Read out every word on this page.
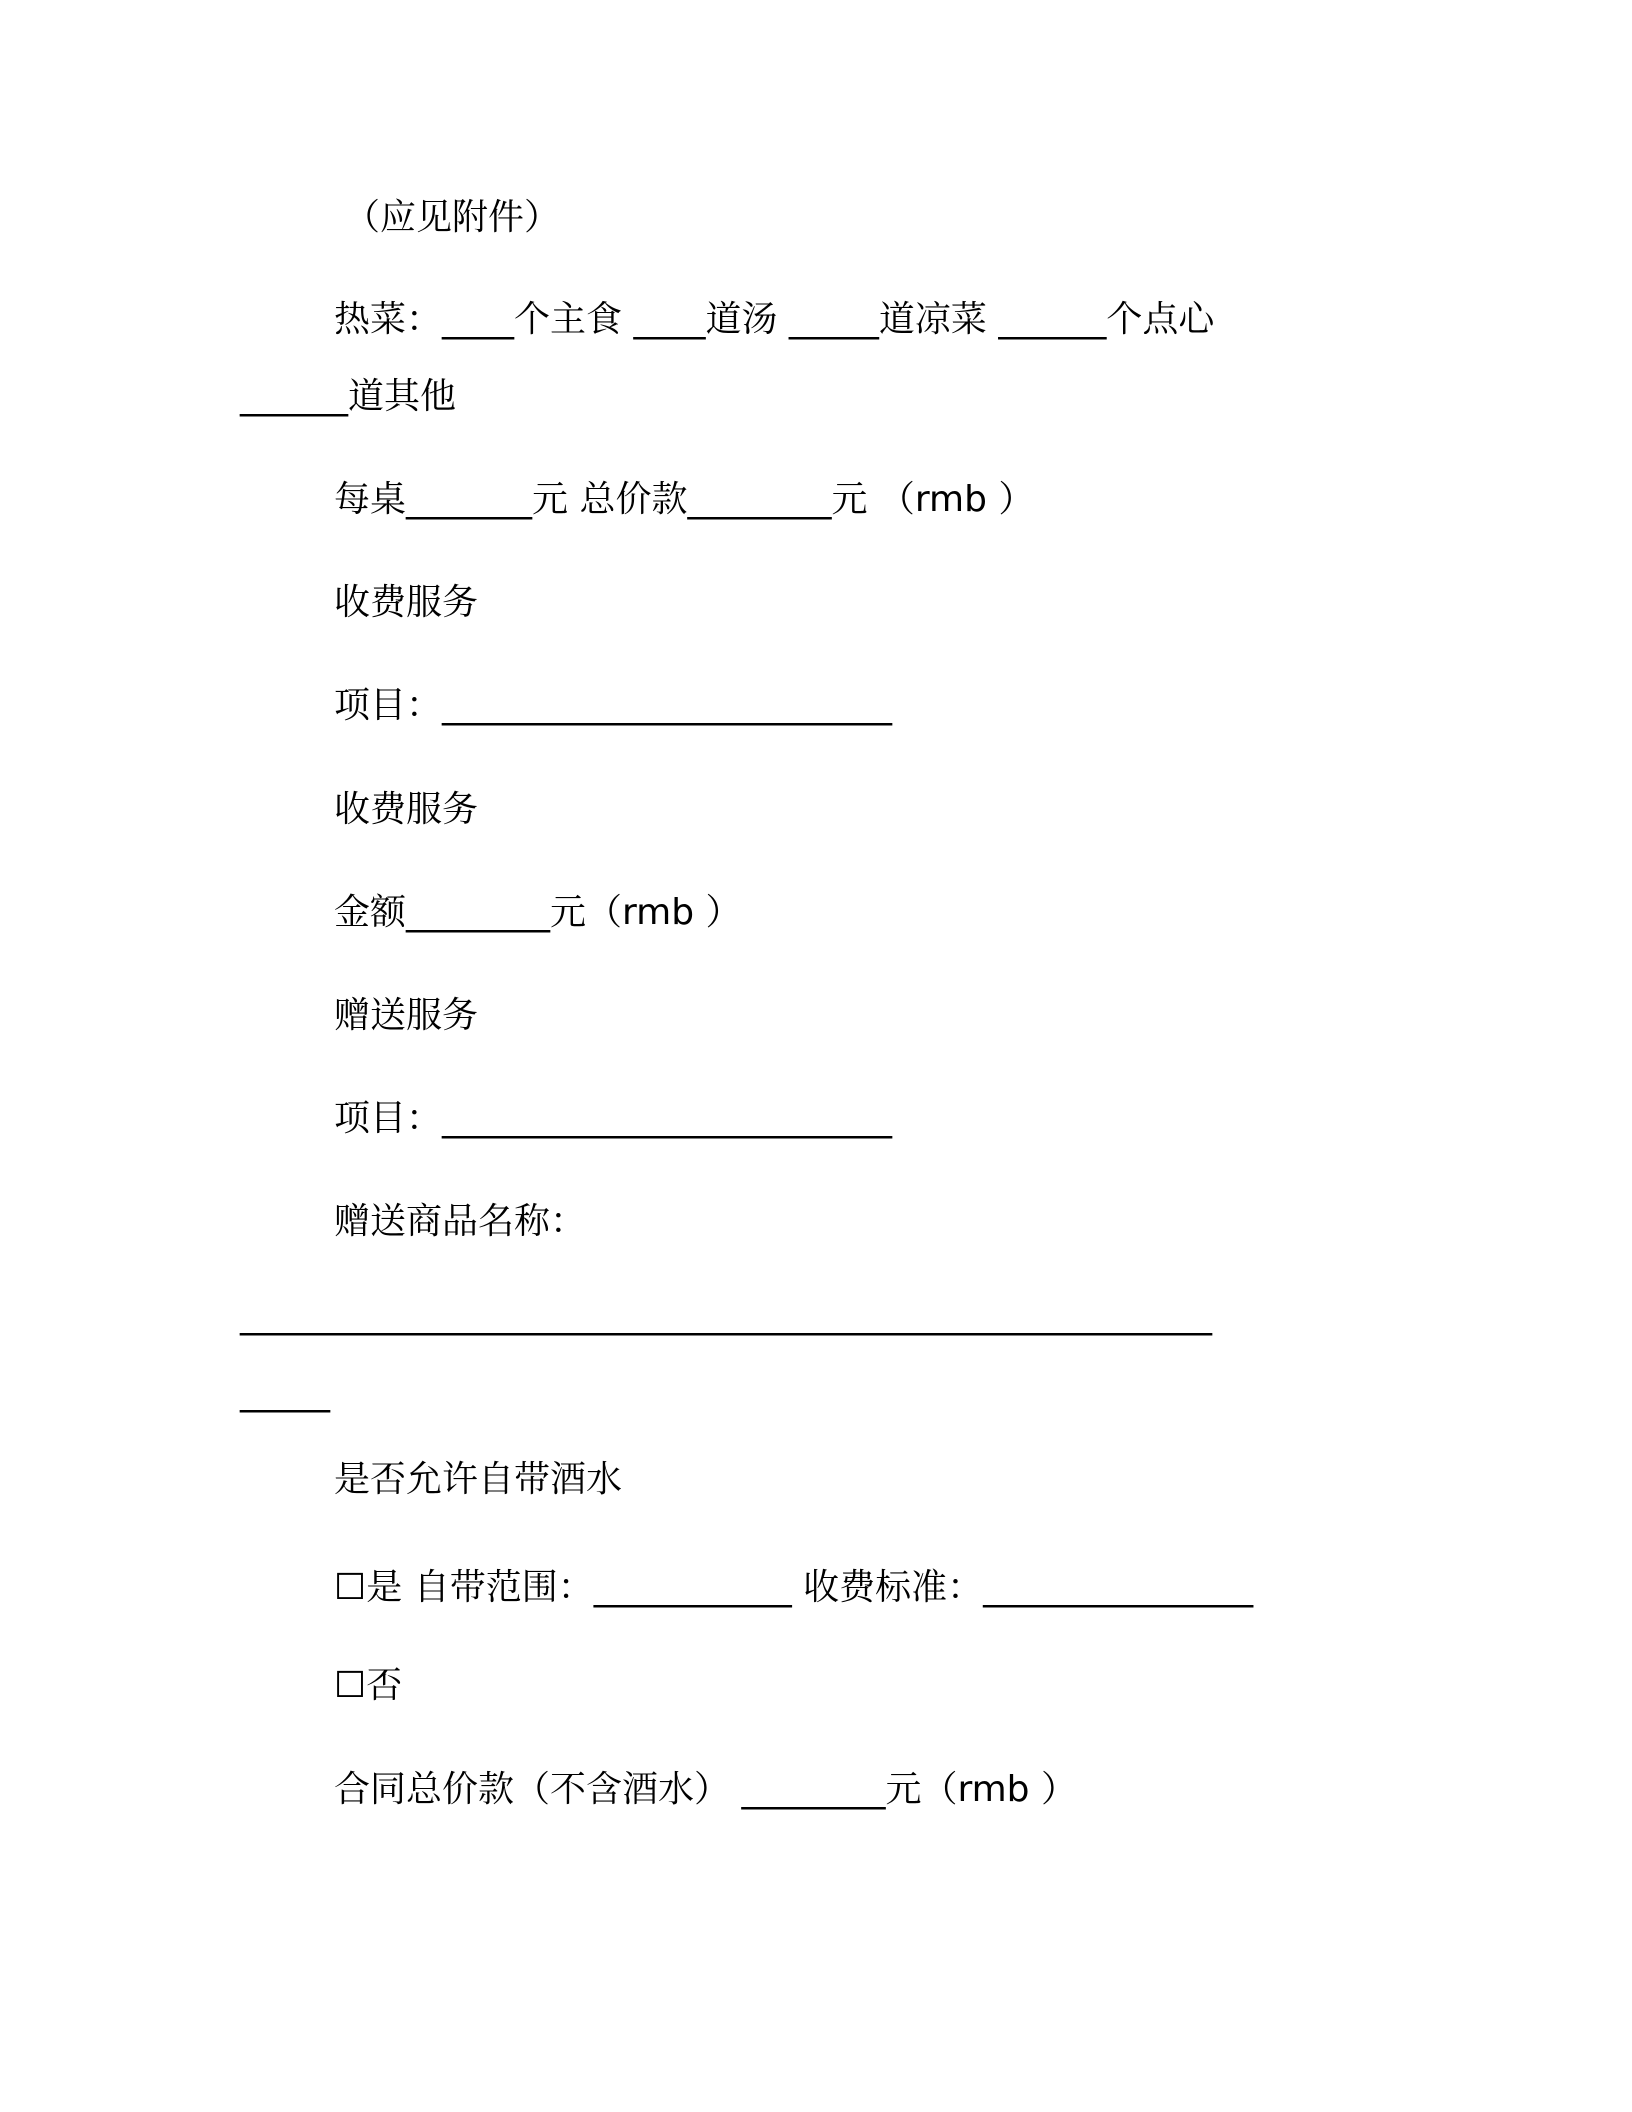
（应见附件）
热菜：____个主食 ____道汤 _____道凉菜 ______个点心
______道其他
每桌_______元 总价款________元 （rmb ）
收费服务
项目：_________________________
收费服务
金额________元（rmb ）
赠送服务
项目：_________________________
赠送商品名称：
______________________________________________________
_____
是否允许自带酒水
☐是 自带范围：___________ 收费标准：_______________
☐否
合同总价款（不含酒水） ________元（rmb ）
